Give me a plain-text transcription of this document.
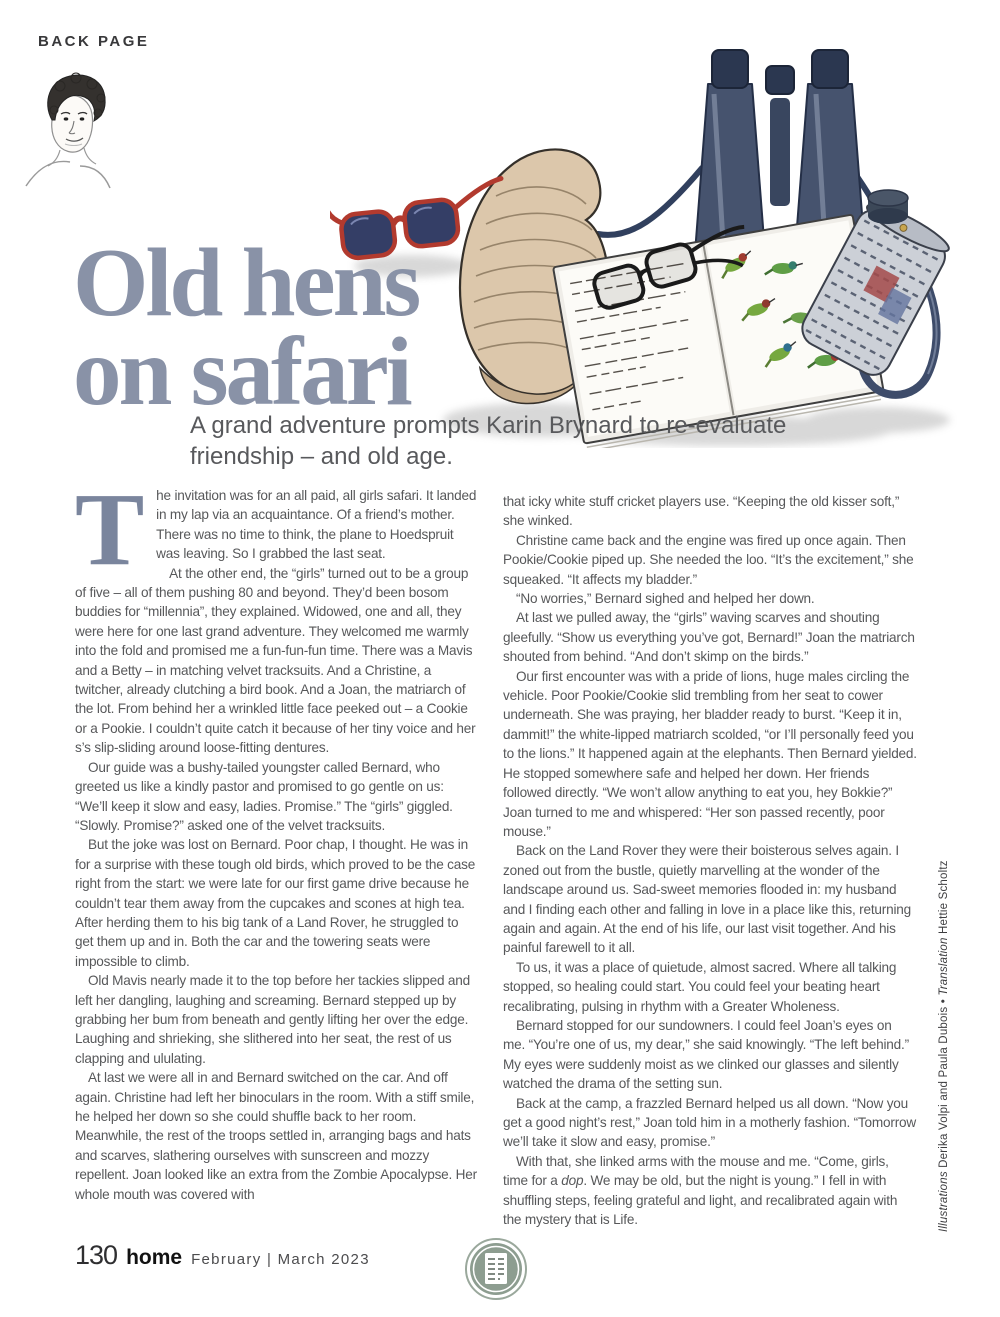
BACK PAGE
Old hens
on safari

A grand adventure prompts Karin Brynard to re-evaluate friendship – and old age.

The invitation was for an all paid, all girls safari. It landed in my lap via an acquaintance. Of a friend’s mother. There was no time to think, the plane to Hoedspruit was leaving. So I grabbed the last seat.

At the other end, the “girls” turned out to be a group of five – all of them pushing 80 and beyond. They’d been bosom buddies for “millennia”, they explained. Widowed, one and all, they were here for one last grand adventure. They welcomed me warmly into the fold and promised me a fun-fun-fun time. There was a Mavis and a Betty – in matching velvet tracksuits. And a Christine, a twitcher, already clutching a bird book. And a Joan, the matriarch of the lot. From behind her a wrinkled little face peeked out – a Cookie or a Pookie. I couldn’t quite catch it because of her tiny voice and her s’s slip-sliding around loose-fitting dentures.

Our guide was a bushy-tailed youngster called Bernard, who greeted us like a kindly pastor and promised to go gentle on us: “We’ll keep it slow and easy, ladies. Promise.” The “girls” giggled. “Slowly. Promise?” asked one of the velvet tracksuits.

But the joke was lost on Bernard. Poor chap, I thought. He was in for a surprise with these tough old birds, which proved to be the case right from the start: we were late for our first game drive because he couldn’t tear them away from the cupcakes and scones at high tea. After herding them to his big tank of a Land Rover, he struggled to get them up and in. Both the car and the towering seats were impossible to climb.

Old Mavis nearly made it to the top before her tackies slipped and left her dangling, laughing and screaming. Bernard stepped up by grabbing her bum from beneath and gently lifting her over the edge. Laughing and shrieking, she slithered into her seat, the rest of us clapping and ululating.

At last we were all in and Bernard switched on the car. And off again. Christine had left her binoculars in the room. With a stiff smile, he helped her down so she could shuffle back to her room. Meanwhile, the rest of the troops settled in, arranging bags and hats and scarves, slathering ourselves with sunscreen and mozzy repellent. Joan looked like an extra from the Zombie Apocalypse. Her whole mouth was covered with

that icky white stuff cricket players use. “Keeping the old kisser soft,” she winked.

Christine came back and the engine was fired up once again. Then Pookie/Cookie piped up. She needed the loo. “It’s the excitement,” she squeaked. “It affects my bladder.”

“No worries,” Bernard sighed and helped her down.

At last we pulled away, the “girls” waving scarves and shouting gleefully. “Show us everything you’ve got, Bernard!” Joan the matriarch shouted from behind. “And don’t skimp on the birds.”

Our first encounter was with a pride of lions, huge males circling the vehicle. Poor Pookie/Cookie slid trembling from her seat to cower underneath. She was praying, her bladder ready to burst. “Keep it in, dammit!” the white-lipped matriarch scolded, “or I’ll personally feed you to the lions.” It happened again at the elephants. Then Bernard yielded. He stopped somewhere safe and helped her down. Her friends followed directly. “We won’t allow anything to eat you, hey Bokkie?” Joan turned to me and whispered: “Her son passed recently, poor mouse.”

Back on the Land Rover they were their boisterous selves again. I zoned out from the bustle, quietly marvelling at the wonder of the landscape around us. Sad-sweet memories flooded in: my husband and I finding each other and falling in love in a place like this, returning again and again. At the end of his life, our last visit together. And his painful farewell to it all.

To us, it was a place of quietude, almost sacred. Where all talking stopped, so healing could start. You could feel your beating heart recalibrating, pulsing in rhythm with a Greater Wholeness.

Bernard stopped for our sundowners. I could feel Joan’s eyes on me. “You’re one of us, my dear,” she said knowingly. “The left behind.” My eyes were suddenly moist as we clinked our glasses and silently watched the drama of the setting sun.

Back at the camp, a frazzled Bernard helped us all down. “Now you get a good night’s rest,” Joan told him in a motherly fashion. “Tomorrow we’ll take it slow and easy, promise.”

With that, she linked arms with the mouse and me. “Come, girls, time for a dop. We may be old, but the night is young.” I fell in with shuffling steps, feeling grateful and light, and recalibrated again with the mystery that is Life.	Illustrations Derika Volpi and Paula Dubois • Translation Hettie Scholtz
130 home February | March 2023
